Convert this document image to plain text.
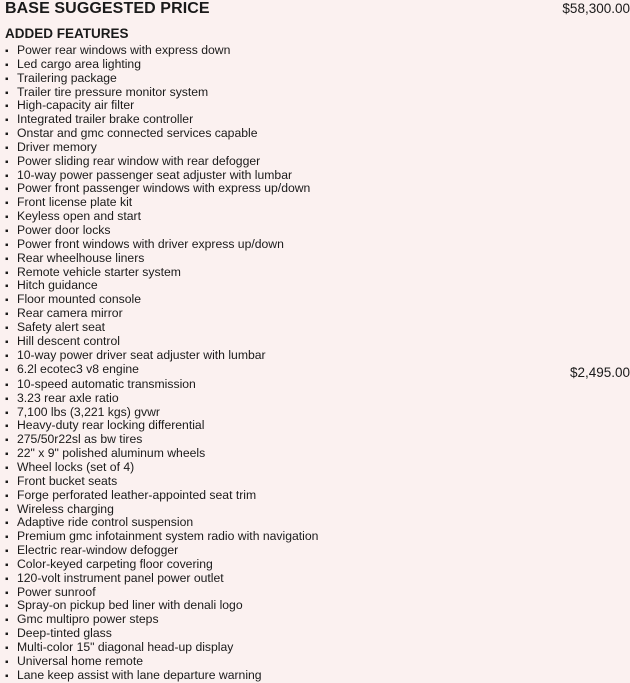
BASE SUGGESTED PRICE	$58,300.00
ADDED FEATURES
▪ Power rear windows with express down
▪ Led cargo area lighting
▪ Trailering package
▪ Trailer tire pressure monitor system
▪ High-capacity air filter
▪ Integrated trailer brake controller
▪ Onstar and gmc connected services capable
▪ Driver memory
▪ Power sliding rear window with rear defogger
▪ 10-way power passenger seat adjuster with lumbar
▪ Power front passenger windows with express up/down
▪ Front license plate kit
▪ Keyless open and start
▪ Power door locks
▪ Power front windows with driver express up/down
▪ Rear wheelhouse liners
▪ Remote vehicle starter system
▪ Hitch guidance
▪ Floor mounted console
▪ Rear camera mirror
▪ Safety alert seat
▪ Hill descent control
▪ 10-way power driver seat adjuster with lumbar
▪ 6.2l ecotec3 v8 engine
▪ 10-speed automatic transmission
▪ 3.23 rear axle ratio
▪ 7,100 lbs (3,221 kgs) gvwr
▪ Heavy-duty rear locking differential
▪ 275/50r22sl as bw tires
▪ 22" x 9" polished aluminum wheels
▪ Wheel locks (set of 4)
▪ Front bucket seats
▪ Forge perforated leather-appointed seat trim
▪ Wireless charging
▪ Adaptive ride control suspension
▪ Premium gmc infotainment system radio with navigation
▪ Electric rear-window defogger
▪ Color-keyed carpeting floor covering
▪ 120-volt instrument panel power outlet
▪ Power sunroof
▪ Spray-on pickup bed liner with denali logo
▪ Gmc multipro power steps
▪ Deep-tinted glass
▪ Multi-color 15" diagonal head-up display
▪ Universal home remote
▪ Lane keep assist with lane departure warning
$2,495.00
